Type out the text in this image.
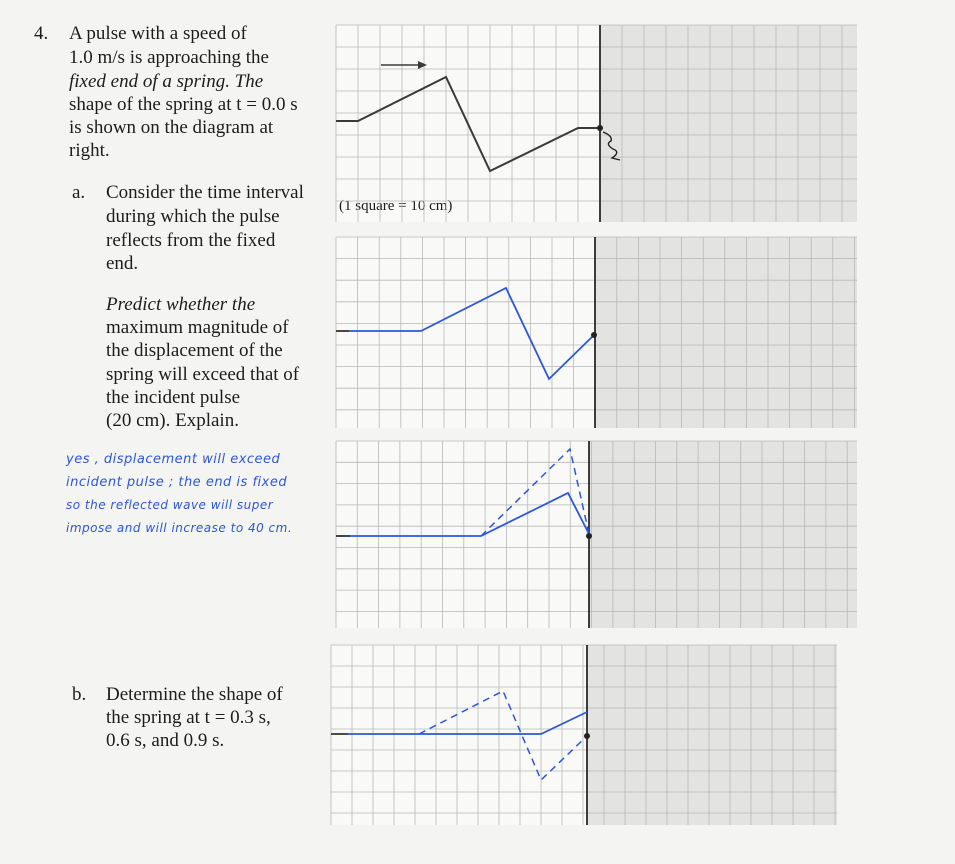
4. A pulse with a speed of

1.0 m/s is approaching the

fixed end of a spring. The

shape of the spring at t = 0.0 s

is shown on the diagram at

right.

a. Consider the time interval

during which the pulse

reflects from the fixed

end.

Predict whether the

maximum magnitude of

the displacement of the

spring will exceed that of

the incident pulse

(20 cm). Explain.

yes , displacement will exceed

incident pulse ; the end is fixed

so the reflected wave will super

impose and will increase to 40 cm.

b. Determine the shape of

the spring at t = 0.3 s,

0.6 s, and 0.9 s.

(1 square = 10 cm)
